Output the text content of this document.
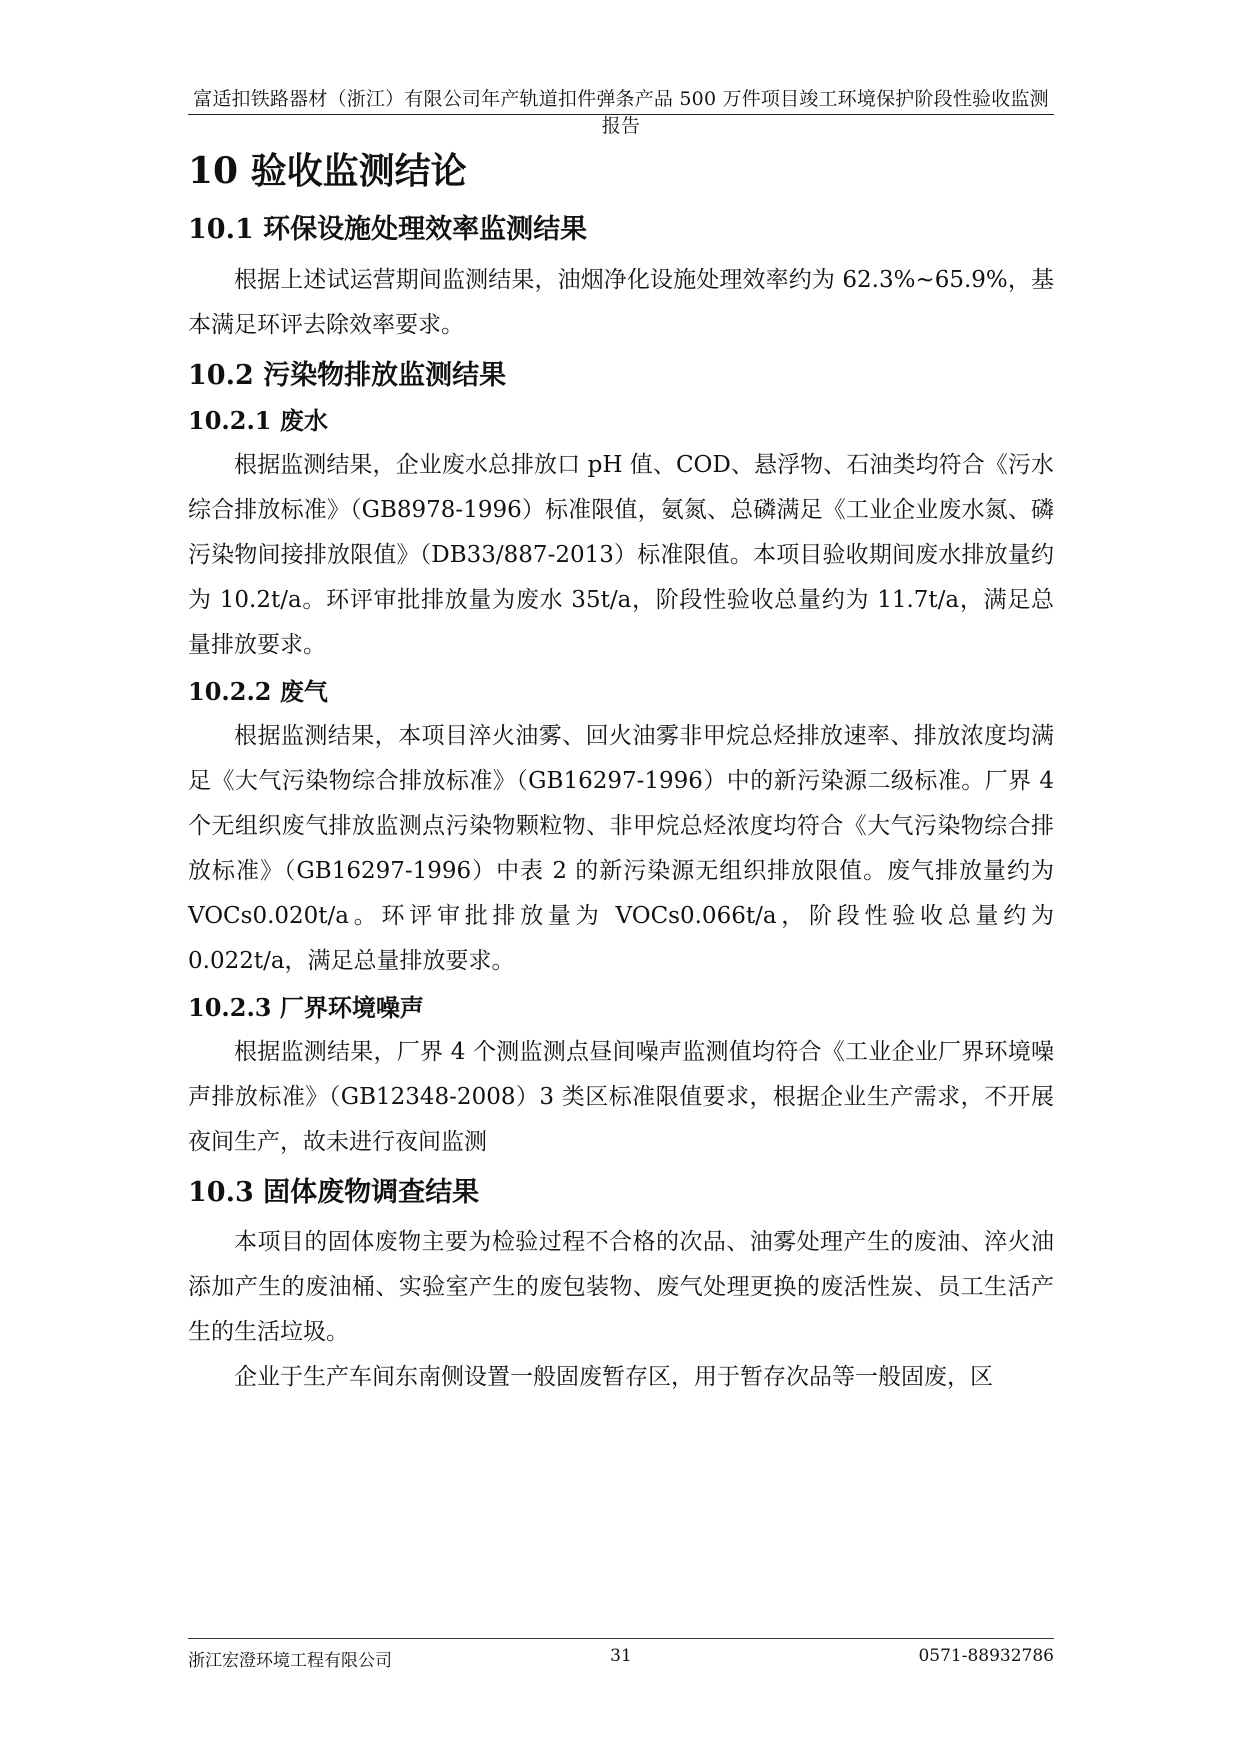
富适扣铁路器材（浙江）有限公司年产轨道扣件弹条产品 500 万件项目竣工环境保护阶段性验收监测报告
10 验收监测结论
10.1 环保设施处理效率监测结果

根据上述试运营期间监测结果，油烟净化设施处理效率约为 62.3%~65.9%，基本满足环评去除效率要求。

10.2 污染物排放监测结果
10.2.1 废水

根据监测结果，企业废水总排放口 pH 值、COD、悬浮物、石油类均符合《污水综合排放标准》（GB8978-1996）标准限值，氨氮、总磷满足《工业企业废水氮、磷污染物间接排放限值》（DB33/887-2013）标准限值。本项目验收期间废水排放量约为 10.2t/a。环评审批排放量为废水 35t/a，阶段性验收总量约为 11.7t/a，满足总量排放要求。

10.2.2 废气

根据监测结果，本项目淬火油雾、回火油雾非甲烷总烃排放速率、排放浓度均满足《大气污染物综合排放标准》（GB16297-1996）中的新污染源二级标准。厂界 4 个无组织废气排放监测点污染物颗粒物、非甲烷总烃浓度均符合《大气污染物综合排放标准》（GB16297-1996）中表 2 的新污染源无组织排放限值。废气排放量约为 VOCs0.020t/a。环评审批排放量为 VOCs0.066t/a，阶段性验收总量约为 0.022t/a，满足总量排放要求。

10.2.3 厂界环境噪声

根据监测结果，厂界 4 个测监测点昼间噪声监测值均符合《工业企业厂界环境噪声排放标准》（GB12348-2008）3 类区标准限值要求，根据企业生产需求，不开展夜间生产，故未进行夜间监测

10.3 固体废物调查结果

本项目的固体废物主要为检验过程不合格的次品、油雾处理产生的废油、淬火油添加产生的废油桶、实验室产生的废包装物、废气处理更换的废活性炭、员工生活产生的生活垃圾。

企业于生产车间东南侧设置一般固废暂存区，用于暂存次品等一般固废，区

浙江宏澄环境工程有限公司	31	0571-88932786
